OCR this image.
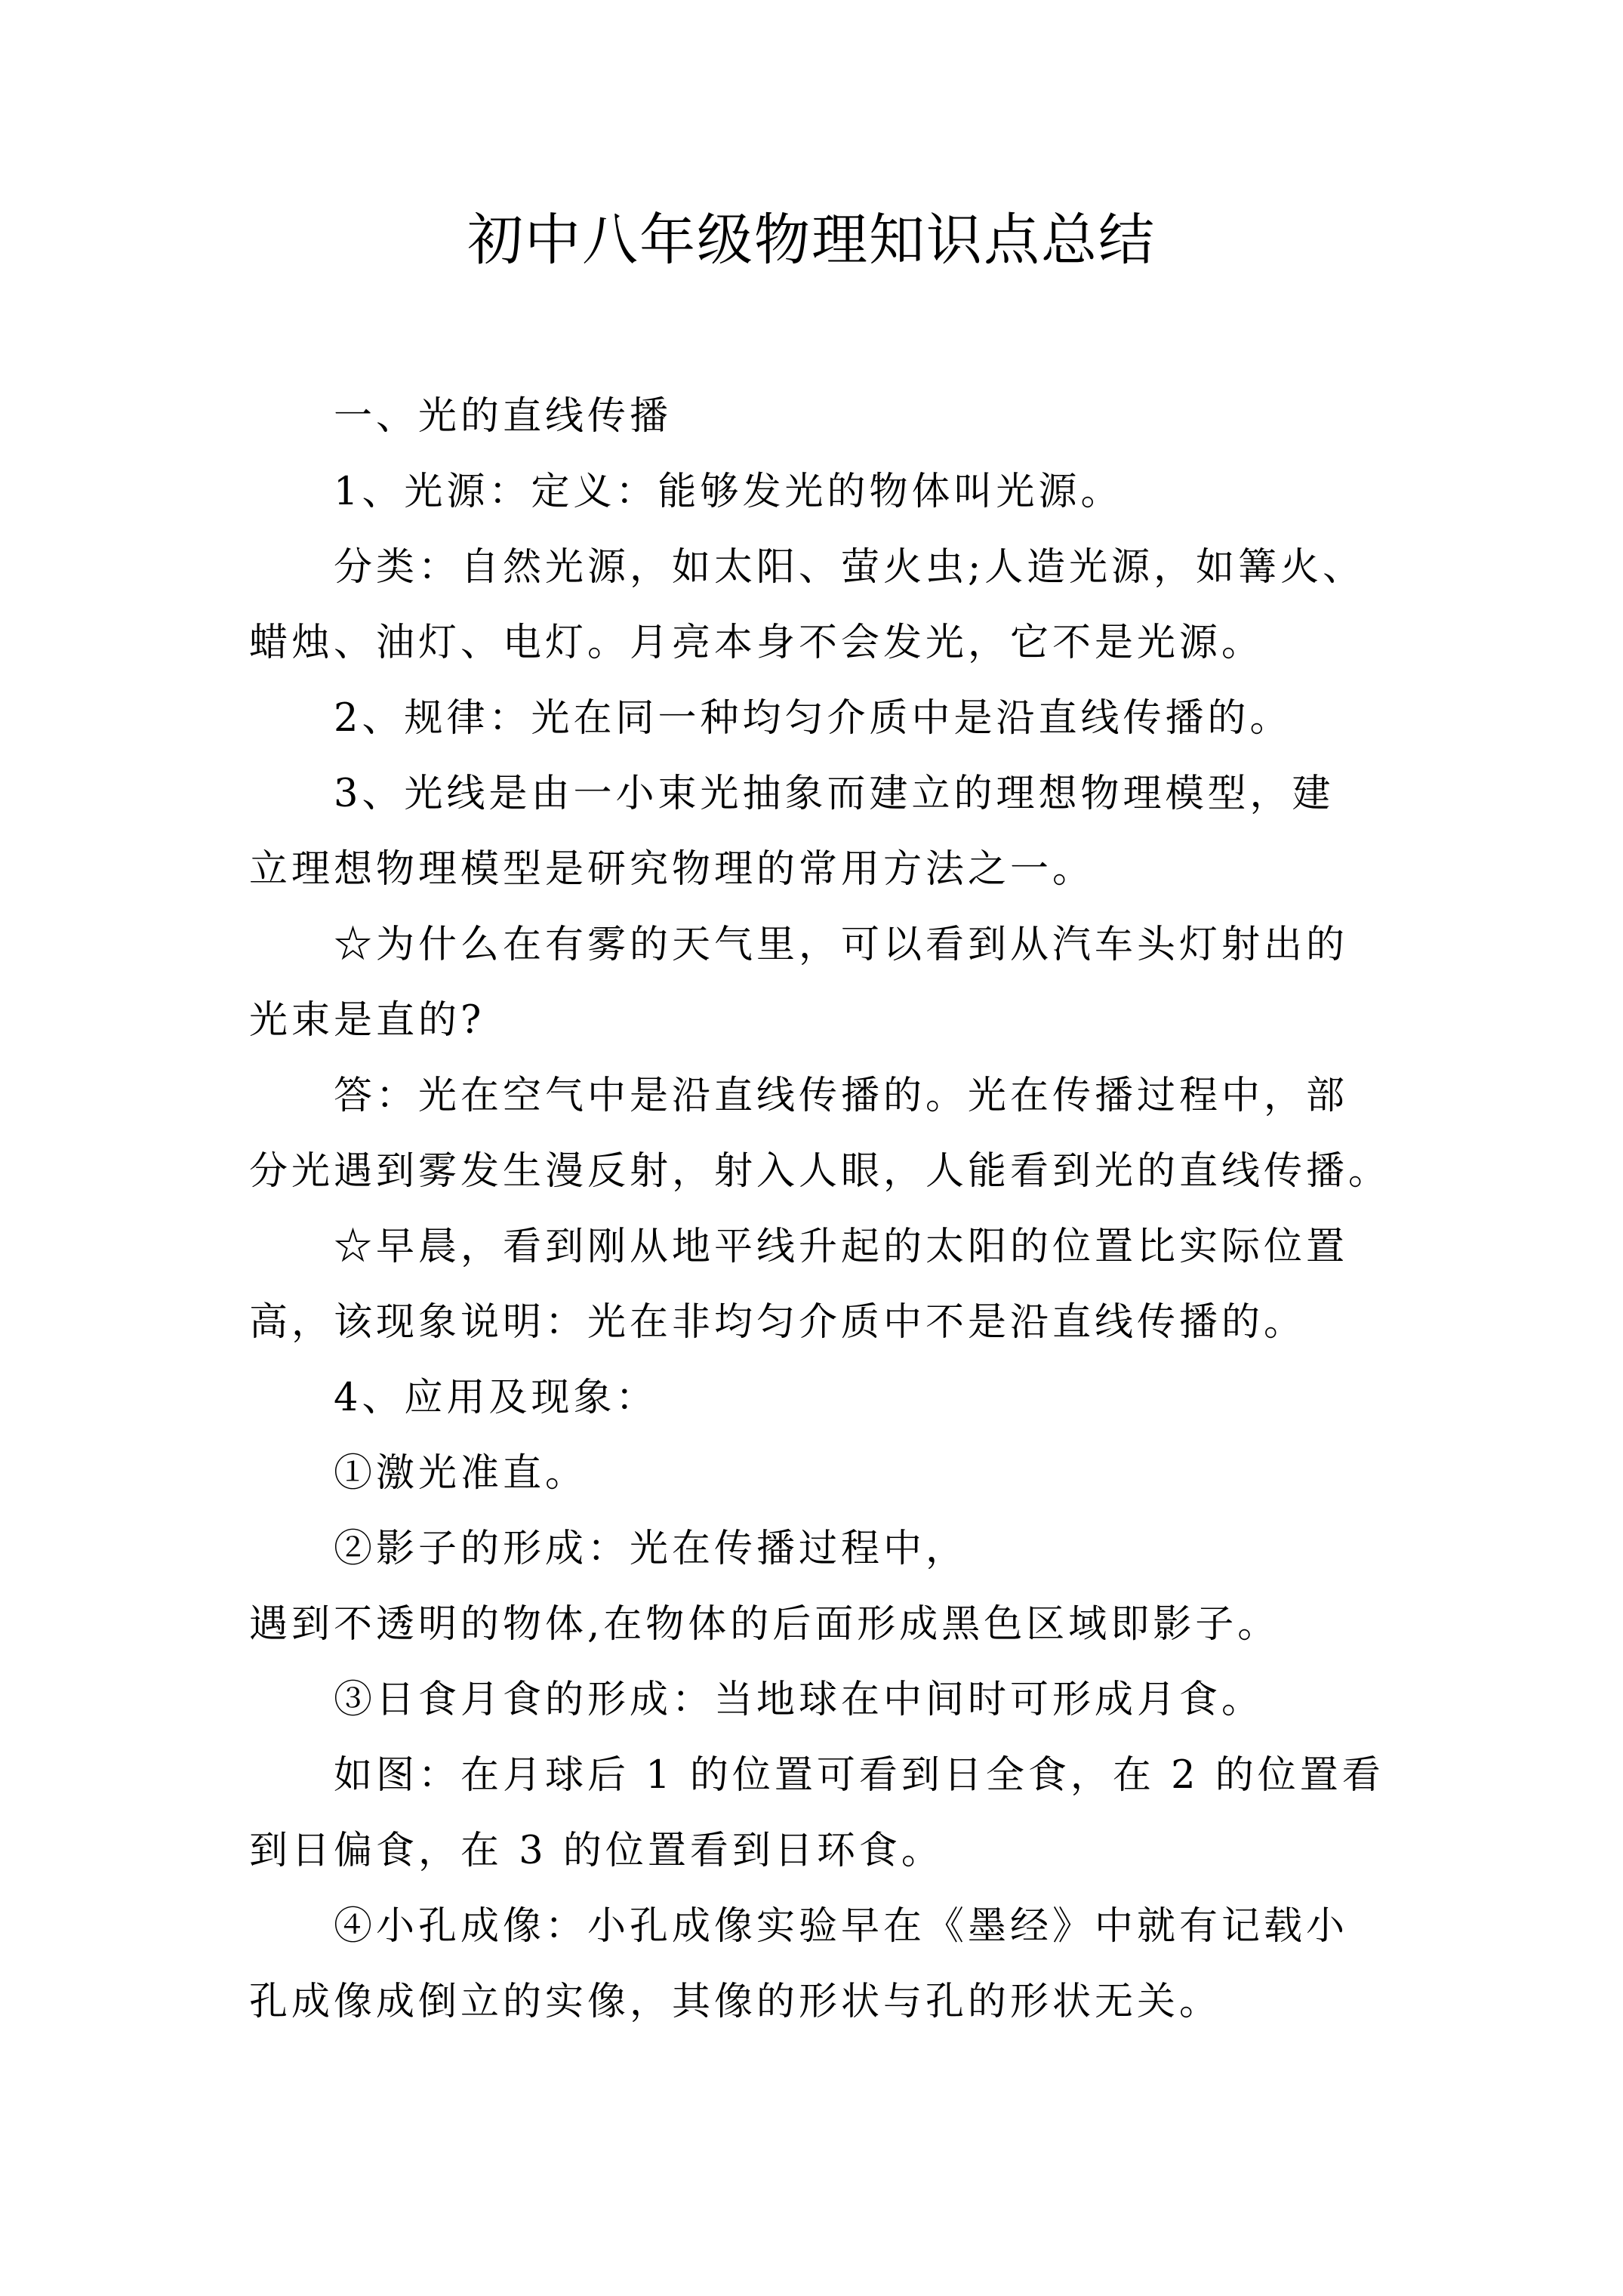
初中八年级物理知识点总结

一、光的直线传播

1、光源：定义：能够发光的物体叫光源。

分类：自然光源，如太阳、萤火虫;人造光源，如篝火、

蜡烛、油灯、电灯。月亮本身不会发光，它不是光源。

2、规律：光在同一种均匀介质中是沿直线传播的。

3、光线是由一小束光抽象而建立的理想物理模型，建

立理想物理模型是研究物理的常用方法之一。

☆为什么在有雾的天气里，可以看到从汽车头灯射出的

光束是直的?

答：光在空气中是沿直线传播的。光在传播过程中，部

分光遇到雾发生漫反射，射入人眼，人能看到光的直线传播。

☆早晨，看到刚从地平线升起的太阳的位置比实际位置

高，该现象说明：光在非均匀介质中不是沿直线传播的。

4、应用及现象：

①激光准直。

②影子的形成：光在传播过程中，

遇到不透明的物体,在物体的后面形成黑色区域即影子。

③日食月食的形成：当地球在中间时可形成月食。

如图：在月球后 1 的位置可看到日全食，在 2 的位置看

到日偏食，在 3 的位置看到日环食。

④小孔成像：小孔成像实验早在《墨经》中就有记载小

孔成像成倒立的实像，其像的形状与孔的形状无关。
